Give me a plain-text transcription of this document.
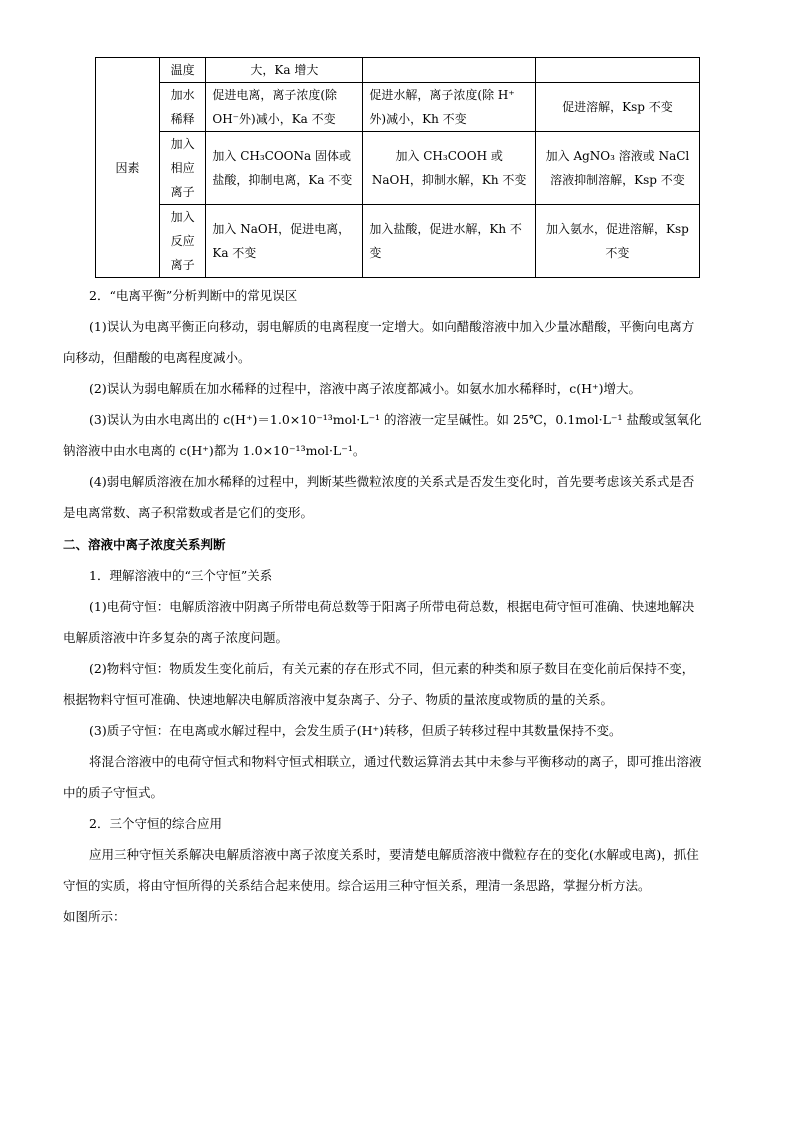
因素	温度	大，Ka 增大		
	加水稀释	促进电离，离子浓度(除 OH⁻外)减小，Ka 不变	促进水解，离子浓度(除 H⁺外)减小，Kh 不变	促进溶解，Ksp 不变
	加入相应离子	加入 CH₃COONa 固体或盐酸，抑制电离，Ka 不变	加入 CH₃COOH 或 NaOH，抑制水解，Kh 不变	加入 AgNO₃ 溶液或 NaCl 溶液抑制溶解，Ksp 不变
	加入反应离子	加入 NaOH，促进电离，Ka 不变	加入盐酸，促进水解，Kh 不变	加入氨水，促进溶解，Ksp 不变

2．“电离平衡”分析判断中的常见误区

(1)误认为电离平衡正向移动，弱电解质的电离程度一定增大。如向醋酸溶液中加入少量冰醋酸，平衡向电离方向移动，但醋酸的电离程度减小。

(2)误认为弱电解质在加水稀释的过程中，溶液中离子浓度都减小。如氨水加水稀释时，c(H⁺)增大。

(3)误认为由水电离出的 c(H⁺)＝1.0×10⁻¹³mol·L⁻¹ 的溶液一定呈碱性。如 25℃，0.1mol·L⁻¹ 盐酸或氢氧化钠溶液中由水电离的 c(H⁺)都为 1.0×10⁻¹³mol·L⁻¹。

(4)弱电解质溶液在加水稀释的过程中，判断某些微粒浓度的关系式是否发生变化时，首先要考虑该关系式是否是电离常数、离子积常数或者是它们的变形。

二、溶液中离子浓度关系判断

1．理解溶液中的“三个守恒”关系

(1)电荷守恒：电解质溶液中阴离子所带电荷总数等于阳离子所带电荷总数，根据电荷守恒可准确、快速地解决电解质溶液中许多复杂的离子浓度问题。

(2)物料守恒：物质发生变化前后，有关元素的存在形式不同，但元素的种类和原子数目在变化前后保持不变，根据物料守恒可准确、快速地解决电解质溶液中复杂离子、分子、物质的量浓度或物质的量的关系。

(3)质子守恒：在电离或水解过程中，会发生质子(H⁺)转移，但质子转移过程中其数量保持不变。

将混合溶液中的电荷守恒式和物料守恒式相联立，通过代数运算消去其中未参与平衡移动的离子，即可推出溶液中的质子守恒式。

2．三个守恒的综合应用

应用三种守恒关系解决电解质溶液中离子浓度关系时，要清楚电解质溶液中微粒存在的变化(水解或电离)，抓住守恒的实质，将由守恒所得的关系结合起来使用。综合运用三种守恒关系，理清一条思路，掌握分析方法。

如图所示：
